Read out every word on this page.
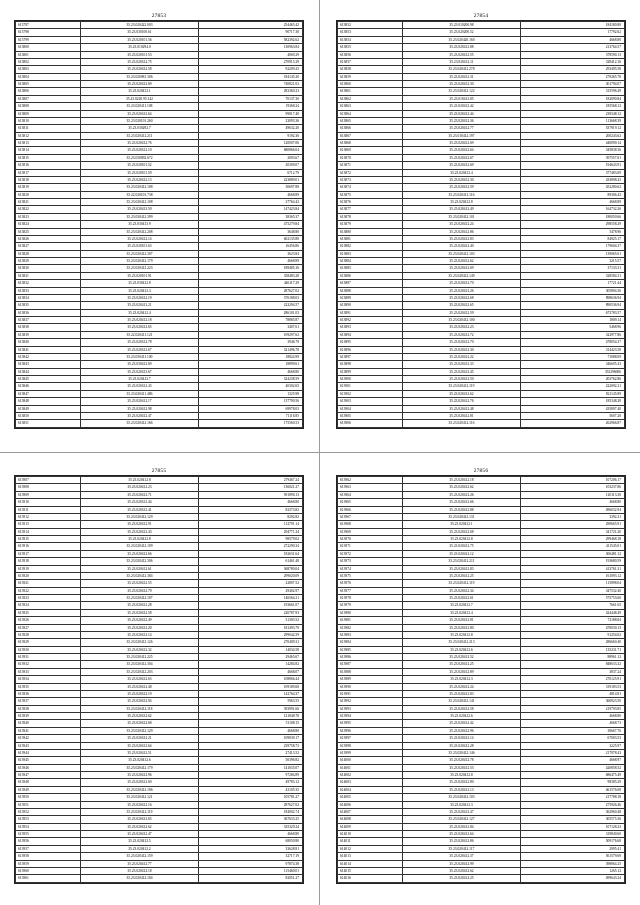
27853
613797	35.23.020422.003	254465.42
613798	35.23.030100.61	90717.30
613799	35.23.020101.56	582392.62
613800	35.23.010294.0	130963.84
613801	35.23.020101.53	4069.29
613802	35.23.020412.75	270915.29
613803	35.23.020412.58	92209.25
613804	35.23.020081.306	184145.20
613805	35.23.020412.69	740821.02
613806	35.23.020412.1	283360.23
613807	35.23.0220.95.142	70137.30
613808	35.23.020411.108	19368.24
613809	35.23.020412.64	99017.40
613810	35.23.020101.260	23093.36
613811	35.23.030292.7	49632.20
613812	35.23.020412.211	9192.36
613813	35.23.020412.76	120007.06
613814	35.23.020412.10	680866.04
613815	35.23.030092.672	2003.67
613816	35.23.020101.52	20309.07
613817	35.23.020101.59	6712.79
613818	35.23.020412.13	223889.01
613819	35.23.020412.108	30697.88
613820	35.22.020101.738	4668.89
613821	35.23.020412.108	27764.42
613822	35.23.020413.50	147423.84
613823	35.23.030412.399	38365.37
613824	35.23.030413.9	475279.84
613825	35.23.020412.208	3648.80
613826	35.23.020412.14	602135.80
613827	35.23.020101.63	16456.86
613828	35.23.020412.307	3623.84
613829	35.23.020412.179	4668.89
613830	35.23.020412.223	189485.16
613831	35.23.020101.91	358483.28
613832	35.23.030412.8	446117.29
613833	35.23.020412.3	287627.02
613834	35.23.020412.19	376188.03
613835	35.23.020412.21	223294.57
613836	35.23.020412.4	286101.03
613837	35.23.020412.18	78885.87
613838	35.23.020412.65	3407.61
613839	35.22.020411.121	109297.62
613840	35.23.020412.78	3946.79
613841	35.23.020412.67	321496.78
613842	35.23.030411.100	18824.99
613843	35.23.030412.69	18899.61
613844	35.23.020413.67	4668.80
613845	35.23.020412.7	324238.59
613846	35.23.020412.43	40302.65
613847	35.23.020411.486	1325.98
613848	35.23.020412.17	137790.56
613849	35.23.020412.98	69978.03
613850	35.23.020412.47	71116.85
613851	35.23.020412.166	175560.53
27854
613852	35.23.010200.98	184180.80
613853	35.23.020200.52	17792.62
613854	35.23.020420.160	4668.80
613855	35.23.020412.88	213764.57
613856	35.23.020412.55	378590.13
613857	35.23.020412.11	328412.16
613858	35.23.020412.278	293495.58
613859	35.23.020412.31	279265.78
613860	35.23.020412.30	301794.07
613861	35.23.020412.122	315596.49
613862	35.23.010412.85	182090.84
613863	35.23.020412.42	185568.12
613864	35.23.020412.44	238348.12
613865	35.23.020412.36	113668.39
613866	35.23.020412.77	537919.12
613867	35.23.010412.197	200243.62
613868	35.23.020412.69	440090.14
613869	35.23.020412.64	345838.36
613870	35.23.020412.67	397557.61
613871	35.23.020412.69	194643.91
613872	35.23.020412.4	377483.09
613873	35.23.020412.30	433898.43
613874	35.23.020412.59	452280.62
613875	35.23.020412.116	89306.43
613876	35.23.020412.8	4668.89
613877	35.23.020412.49	164732.26
613878	35.23.020412.101	180050.66
613879	35.23.020412.24	298558.29
613880	35.23.020412.86	5478.96
613881	35.23.020412.83	84925.17
613882	35.23.020412.40	179604.37
613883	35.23.020412.103	139065.01
613884	35.23.020412.62	3215.57
613885	35.23.020412.69	37133.31
613886	35.23.020412.149	328584.31
613887	35.23.020412.70	17721.44
613888	35.23.020412.26	305894.36
613889	35.23.020412.68	898636.94
613890	35.23.020412.65	890536.94
613891	35.23.020412.59	673783.57
613892	35.23.020412.100	1809.14
613893	35.23.020412.23	5468.96
613894	35.23.020412.72	322977.86
613895	35.23.020412.70	478054.37
613896	35.23.020412.30	314423.58
613897	35.23.020412.22	71088.09
613898	35.23.020412.33	346605.43
613899	35.23.020412.45	353296006
613900	35.23.020412.50	203762.86
613901	35.23.020412.119	222092.21
613902	35.23.020412.62	821145.89
613903	35.23.020412.76	185348.28
613904	35.23.020412.48	435807.40
613905	35.23.020412.81	5607.20
613906	35.23.020412.116	262966.87
27855
613907	35.23.020412.8	279467.24
613908	35.23.020412.23	136021.27
613909	35.23.020412.71	591890.13
613910	35.23.020412.44	4668.80
613911	35.23.020412.41	82373.82
613912	35.23.020412.129	8292.82
613913	35.23.020412.91	112791.14
613914	35.23.020412.43	294771.34
613915	35.23.020412.8	98579.02
613916	35.23.020412.109	272290.34
613917	35.23.020412.66	182631.64
613918	35.23.020412.306	61461.48
613919	35.23.020412.61	368780.04
613920	35.23.020412.384	299020.09
613921	35.23.020412.55	22807.52
613922	35.23.020412.79	29402.97
613923	35.23.020412.107	146564.21
613924	35.23.020412.28	193661.07
613925	35.23.020412.58	220787.93
613926	35.23.020412.49	31303.52
613927	35.23.020412.20	181493.79
613928	35.23.020412.14	299042.59
613929	35.23.020412.126	270409.31
613930	35.23.020412.32	14034.58
613931	35.23.020412.225	29465.67
613932	35.23.020412.304	14284.82
613933	35.23.020412.203	4668.07
613934	35.23.020412.63	108866.44
613935	35.23.020412.48	109189.68
613936	35.23.020412.19	142764.37
613937	35.23.020412.94	5963.55
613938	35.23.020412.118	393991.66
613939	35.23.020412.62	121848.78
613940	35.23.020412.68	51108.15
613941	35.23.020412.129	4668.80
613942	35.23.020412.21	109039.17
613943	35.23.020412.64	239758.73
613944	35.23.020412.51	27413.52
613945	35.23.020412.6	50396.82
613946	35.23.020412.179	141035.07
613947	35.23.020412.96	97284.89
613948	35.23.020412.60	49783.12
613949	35.23.020412.106	43105.35
613950	35.23.020412.121	105781.27
613951	35.23.020412.16	287627.02
613952	35.23.020412.119	184002.74
613953	35.23.020412.65	367633.25
613954	35.23.020412.62	335329.24
613955	35.23.020412.47	4668.80
613956	35.23.020412.5	68050.80
613957	35.23.020412.2	33628.81
613958	35.23.020412.159	32717.19
613959	35.23.020412.77	97874.38
613960	35.23.020412.18	115460.01
613961	35.23.020412.104	82051.27
27856
613962	35.23.020412.18	107206.17
613963	35.23.020412.62	103237.86
613964	35.23.020412.26	120113.30
613965	35.23.020412.66	4668.80
613966	35.23.020412.88	496032.94
613967	35.23.020412.131	3392.21
613968	35.23.020412.1	290665.91
613969	35.23.020412.68	341721.20
613970	35.23.020412.8	299468.18
613971	35.23.020412.75	411545.01
613972	35.23.020412.12	306481.12
613973	35.23.020412.211	193680.59
613974	35.23.020412.83	413761.31
613975	35.23.020412.25	161093.12
613976	35.23.020412.119	115898.04
613977	35.23.020412.34	347532.40
613978	35.23.020412.61	575753.60
613979	35.23.020412.7	7661.65
613980	35.23.020412.4	424448.49
613981	35.23.020412.81	72188.84
613982	35.23.020412.80	470030.13
613983	35.23.020412.8	91254.02
613984	35.23.020412.213	286660.40
613985	35.23.020412.6	135231.71
613986	35.23.020412.52	88961.12
613987	35.23.020412.25	848633.32
613988	35.23.020412.89	3837.24
613989	35.23.020412.3	270125.91
613990	35.23.020412.24	319183.53
613991	35.23.020412.83	4814.81
613992	35.23.020412.141	366923.50
613993	35.23.020412.58	219793.85
613994	35.23.020412.6	4668.80
613995	35.23.020412.42	4668.73
613996	35.23.020412.96	30667.76
613997	35.23.020412.14	67003.53
613998	35.23.020412.28	3225.97
613999	35.23.020412.146	217978.43
614000	35.23.020412.78	4668.97
614001	35.23.020412.53	420858.52
614002	35.23.020412.8	686475.49
614003	35.23.020412.80	98385.29
614004	35.23.020412.13	461576.08
614005	35.23.020412.103	217788.18
614006	35.23.020412.3	275926.46
614007	35.23.020412.47	362960.48
614008	35.23.020412.127	305575.36
614009	35.23.020412.84	107128.23
614010	35.23.020412.64	319840.60
614011	35.23.020412.86	509176.68
614012	35.23.020412.117	2995.41
614013	35.23.020412.37	561579.69
614014	35.23.020412.99	398864.25
614015	35.23.020412.62	1265.12
614016	35.23.020412.25	499643.24
